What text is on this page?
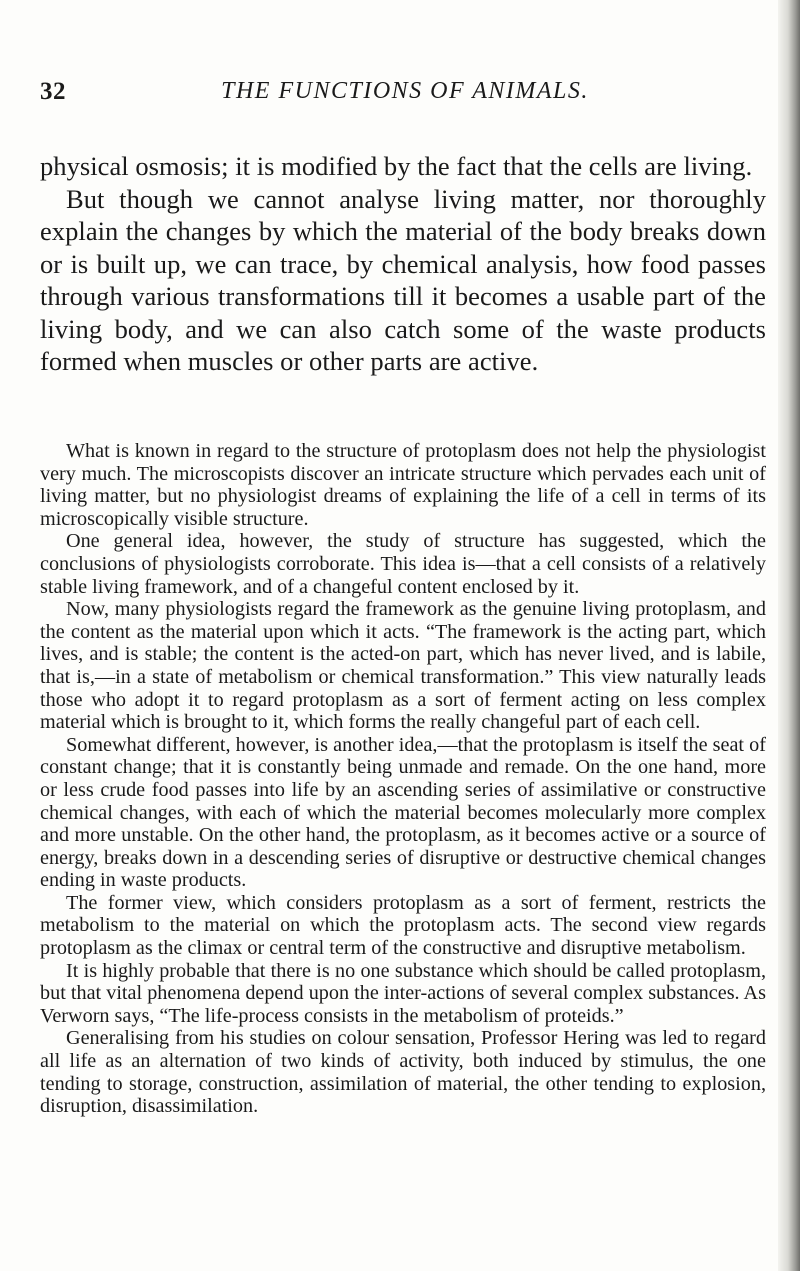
32	THE FUNCTIONS OF ANIMALS.

physical osmosis; it is modified by the fact that the cells are living.

But though we cannot analyse living matter, nor thoroughly explain the changes by which the material of the body breaks down or is built up, we can trace, by chemical analysis, how food passes through various transformations till it becomes a usable part of the living body, and we can also catch some of the waste products formed when muscles or other parts are active.

What is known in regard to the structure of protoplasm does not help the physiologist very much. The microscopists discover an intricate structure which pervades each unit of living matter, but no physiologist dreams of explaining the life of a cell in terms of its microscopically visible structure.

One general idea, however, the study of structure has suggested, which the conclusions of physiologists corroborate. This idea is—that a cell consists of a relatively stable living framework, and of a changeful content enclosed by it.

Now, many physiologists regard the framework as the genuine living protoplasm, and the content as the material upon which it acts. “The framework is the acting part, which lives, and is stable; the content is the acted-on part, which has never lived, and is labile, that is,—in a state of metabolism or chemical transformation.” This view naturally leads those who adopt it to regard protoplasm as a sort of ferment acting on less complex material which is brought to it, which forms the really changeful part of each cell.

Somewhat different, however, is another idea,—that the protoplasm is itself the seat of constant change; that it is constantly being unmade and remade. On the one hand, more or less crude food passes into life by an ascending series of assimilative or constructive chemical changes, with each of which the material becomes molecularly more complex and more unstable. On the other hand, the protoplasm, as it becomes active or a source of energy, breaks down in a descending series of disruptive or destructive chemical changes ending in waste products.

The former view, which considers protoplasm as a sort of ferment, restricts the metabolism to the material on which the protoplasm acts. The second view regards protoplasm as the climax or central term of the constructive and disruptive metabolism.

It is highly probable that there is no one substance which should be called protoplasm, but that vital phenomena depend upon the inter-actions of several complex substances. As Verworn says, “The life-process consists in the metabolism of proteids.”

Generalising from his studies on colour sensation, Professor Hering was led to regard all life as an alternation of two kinds of activity, both induced by stimulus, the one tending to storage, construction, assimilation of material, the other tending to explosion, disruption, disassimilation.
